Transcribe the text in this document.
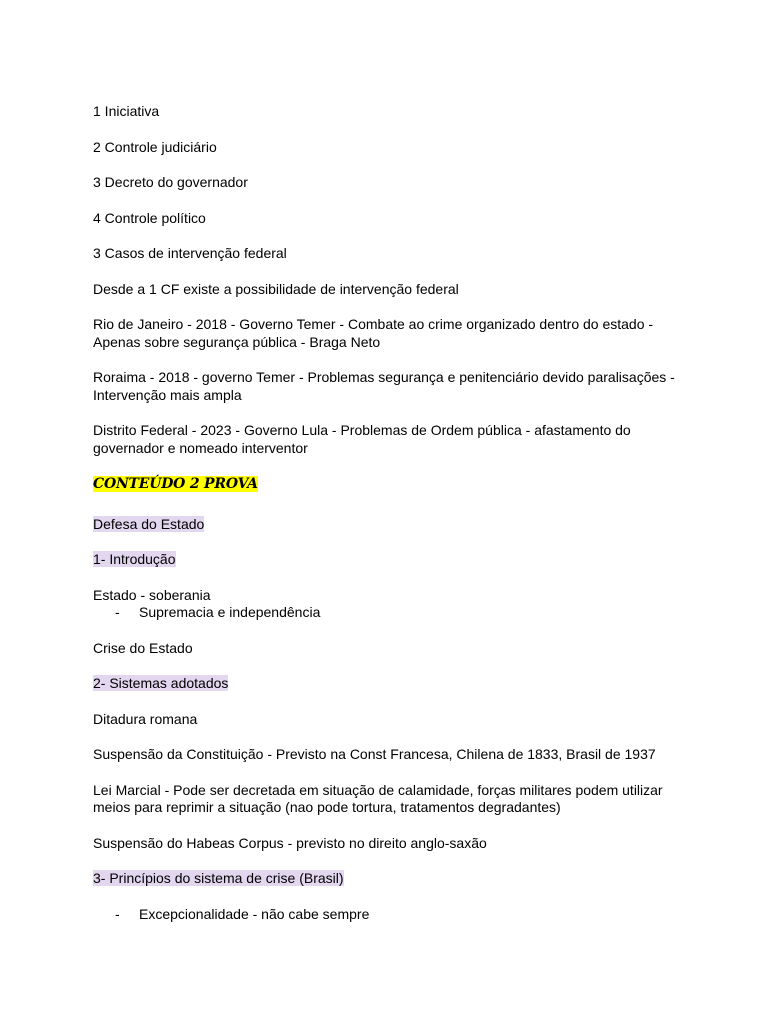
1 Iniciativa

2 Controle judiciário

3 Decreto do governador

4 Controle político

3 Casos de intervenção federal

Desde a 1 CF existe a possibilidade de intervenção federal

Rio de Janeiro - 2018 - Governo Temer - Combate ao crime organizado dentro do estado - Apenas sobre segurança pública - Braga Neto

Roraima - 2018 - governo Temer - Problemas segurança e penitenciário devido paralisações - Intervenção mais ampla

Distrito Federal - 2023 - Governo Lula - Problemas de Ordem pública - afastamento do governador e nomeado interventor

CONTEÚDO 2 PROVA

Defesa do Estado

1- Introdução

Estado - soberania

- Supremacia e independência

Crise do Estado

2- Sistemas adotados

Ditadura romana

Suspensão da Constituição - Previsto na Const Francesa, Chilena de 1833, Brasil de 1937

Lei Marcial - Pode ser decretada em situação de calamidade, forças militares podem utilizar meios para reprimir a situação (nao pode tortura, tratamentos degradantes)

Suspensão do Habeas Corpus - previsto no direito anglo-saxão

3- Princípios do sistema de crise (Brasil)

- Excepcionalidade - não cabe sempre
